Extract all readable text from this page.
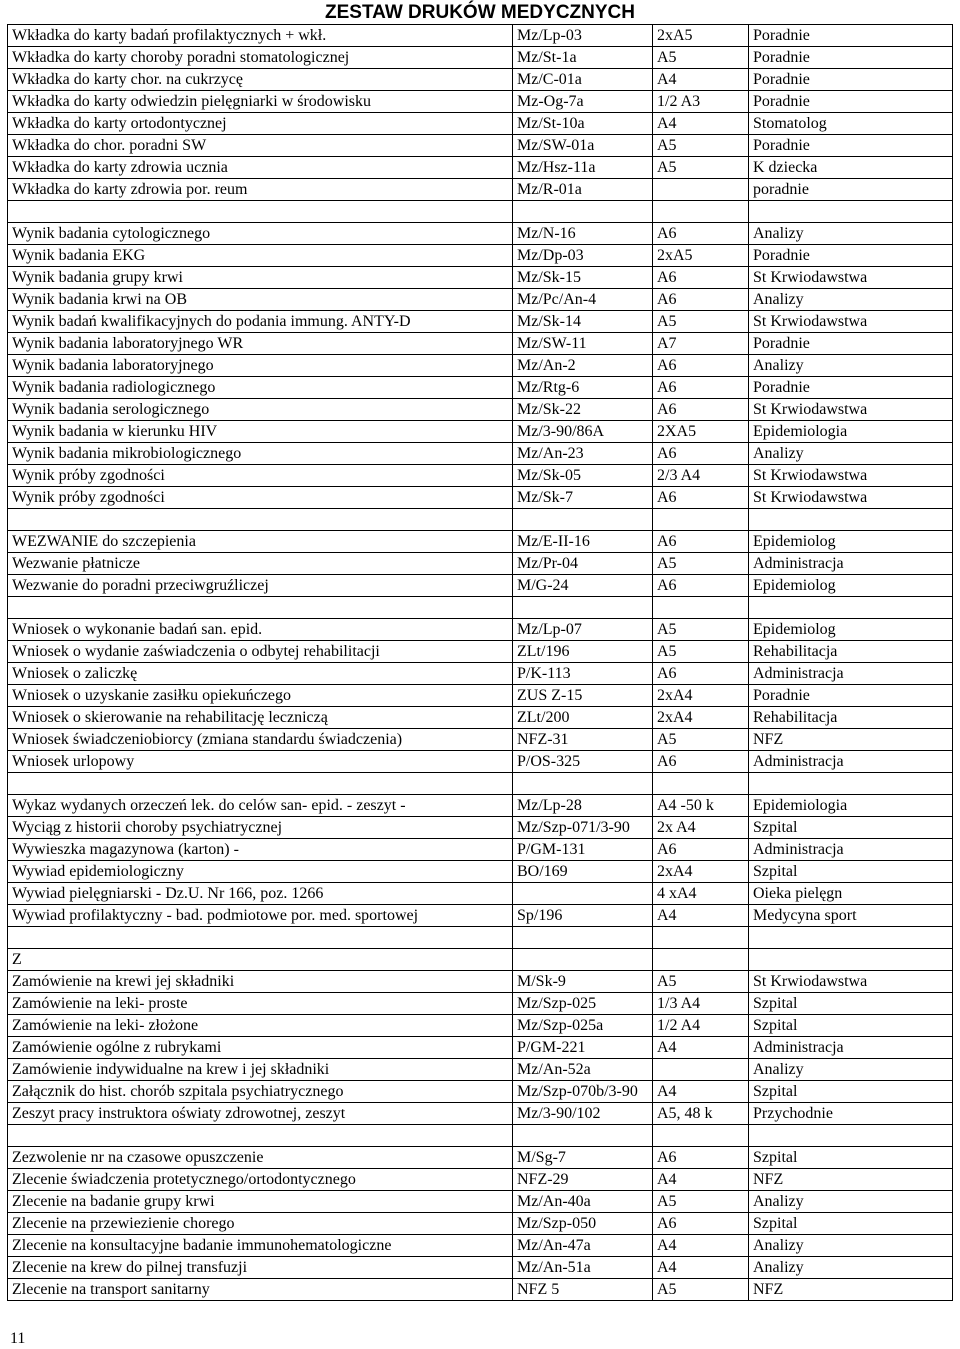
ZESTAW DRUKÓW MEDYCZNYCH
Wkładka do karty badań profilaktycznych + wkł.	Mz/Lp-03	2xA5	Poradnie
Wkładka do karty choroby poradni stomatologicznej	Mz/St-1a	A5	Poradnie
Wkładka do karty chor. na cukrzycę	Mz/C-01a	A4	Poradnie
Wkładka do karty odwiedzin pielęgniarki w środowisku	Mz-Og-7a	1/2 A3	Poradnie
Wkładka do karty ortodontycznej	Mz/St-10a	A4	Stomatolog
Wkładka do chor. poradni SW	Mz/SW-01a	A5	Poradnie
Wkładka do karty zdrowia ucznia	Mz/Hsz-11a	A5	K dziecka
Wkładka do karty zdrowia por. reum	Mz/R-01a		poradnie

Wynik badania cytologicznego	Mz/N-16	A6	Analizy
Wynik badania EKG	Mz/Dp-03	2xA5	Poradnie
Wynik badania grupy krwi	Mz/Sk-15	A6	St Krwiodawstwa
Wynik badania krwi na OB	Mz/Pc/An-4	A6	Analizy
Wynik badań kwalifikacyjnych do podania immung. ANTY-D	Mz/Sk-14	A5	St Krwiodawstwa
Wynik badania laboratoryjnego WR	Mz/SW-11	A7	Poradnie
Wynik badania laboratoryjnego	Mz/An-2	A6	Analizy
Wynik badania radiologicznego	Mz/Rtg-6	A6	Poradnie
Wynik badania serologicznego	Mz/Sk-22	A6	St Krwiodawstwa
Wynik badania w kierunku HIV	Mz/3-90/86A	2XA5	Epidemiologia
Wynik badania mikrobiologicznego	Mz/An-23	A6	Analizy
Wynik próby zgodności	Mz/Sk-05	2/3 A4	St Krwiodawstwa
Wynik próby zgodności	Mz/Sk-7	A6	St Krwiodawstwa

WEZWANIE do szczepienia	Mz/E-II-16	A6	Epidemiolog
Wezwanie płatnicze	Mz/Pr-04	A5	Administracja
Wezwanie do poradni przeciwgruźliczej	M/G-24	A6	Epidemiolog

Wniosek o wykonanie badań san. epid.	Mz/Lp-07	A5	Epidemiolog
Wniosek o wydanie zaświadczenia o odbytej rehabilitacji	ZLt/196	A5	Rehabilitacja
Wniosek o zaliczkę	P/K-113	A6	Administracja
Wniosek o uzyskanie zasiłku opiekuńczego	ZUS Z-15	2xA4	Poradnie
Wniosek o skierowanie na rehabilitację leczniczą	ZLt/200	2xA4	Rehabilitacja
Wniosek świadczeniobiorcy (zmiana standardu świadczenia)	NFZ-31	A5	NFZ
Wniosek urlopowy	P/OS-325	A6	Administracja

Wykaz wydanych orzeczeń lek. do celów san- epid. - zeszyt -	Mz/Lp-28	A4 -50 k	Epidemiologia
Wyciąg z historii choroby psychiatrycznej	Mz/Szp-071/3-90	2x A4	Szpital
Wywieszka magazynowa (karton) -	P/GM-131	A6	Administracja
Wywiad epidemiologiczny	BO/169	2xA4	Szpital
Wywiad pielęgniarski - Dz.U. Nr 166, poz. 1266		4 xA4	Oieka pielęgn
Wywiad profilaktyczny - bad. podmiotowe por. med. sportowej	Sp/196	A4	Medycyna sport

Z			
Zamówienie na krewi jej składniki	M/Sk-9	A5	St Krwiodawstwa
Zamówienie na leki- proste	Mz/Szp-025	1/3 A4	Szpital
Zamówienie na leki- złożone	Mz/Szp-025a	1/2 A4	Szpital
Zamówienie ogólne z rubrykami	P/GM-221	A4	Administracja
Zamówienie indywidualne na krew i jej składniki	Mz/An-52a		Analizy
Załącznik do hist. chorób szpitala psychiatrycznego	Mz/Szp-070b/3-90	A4	Szpital
Zeszyt pracy instruktora oświaty zdrowotnej, zeszyt	Mz/3-90/102	A5, 48 k	Przychodnie

Zezwolenie nr na czasowe opuszczenie	M/Sg-7	A6	Szpital
Zlecenie świadczenia protetycznego/ortodontycznego	NFZ-29	A4	NFZ
Zlecenie na badanie grupy krwi	Mz/An-40a	A5	Analizy
Zlecenie na przewiezienie chorego	Mz/Szp-050	A6	Szpital
Zlecenie na konsultacyjne badanie immunohematologiczne	Mz/An-47a	A4	Analizy
Zlecenie na krew do pilnej transfuzji	Mz/An-51a	A4	Analizy
Zlecenie na transport sanitarny	NFZ 5	A5	NFZ
11
